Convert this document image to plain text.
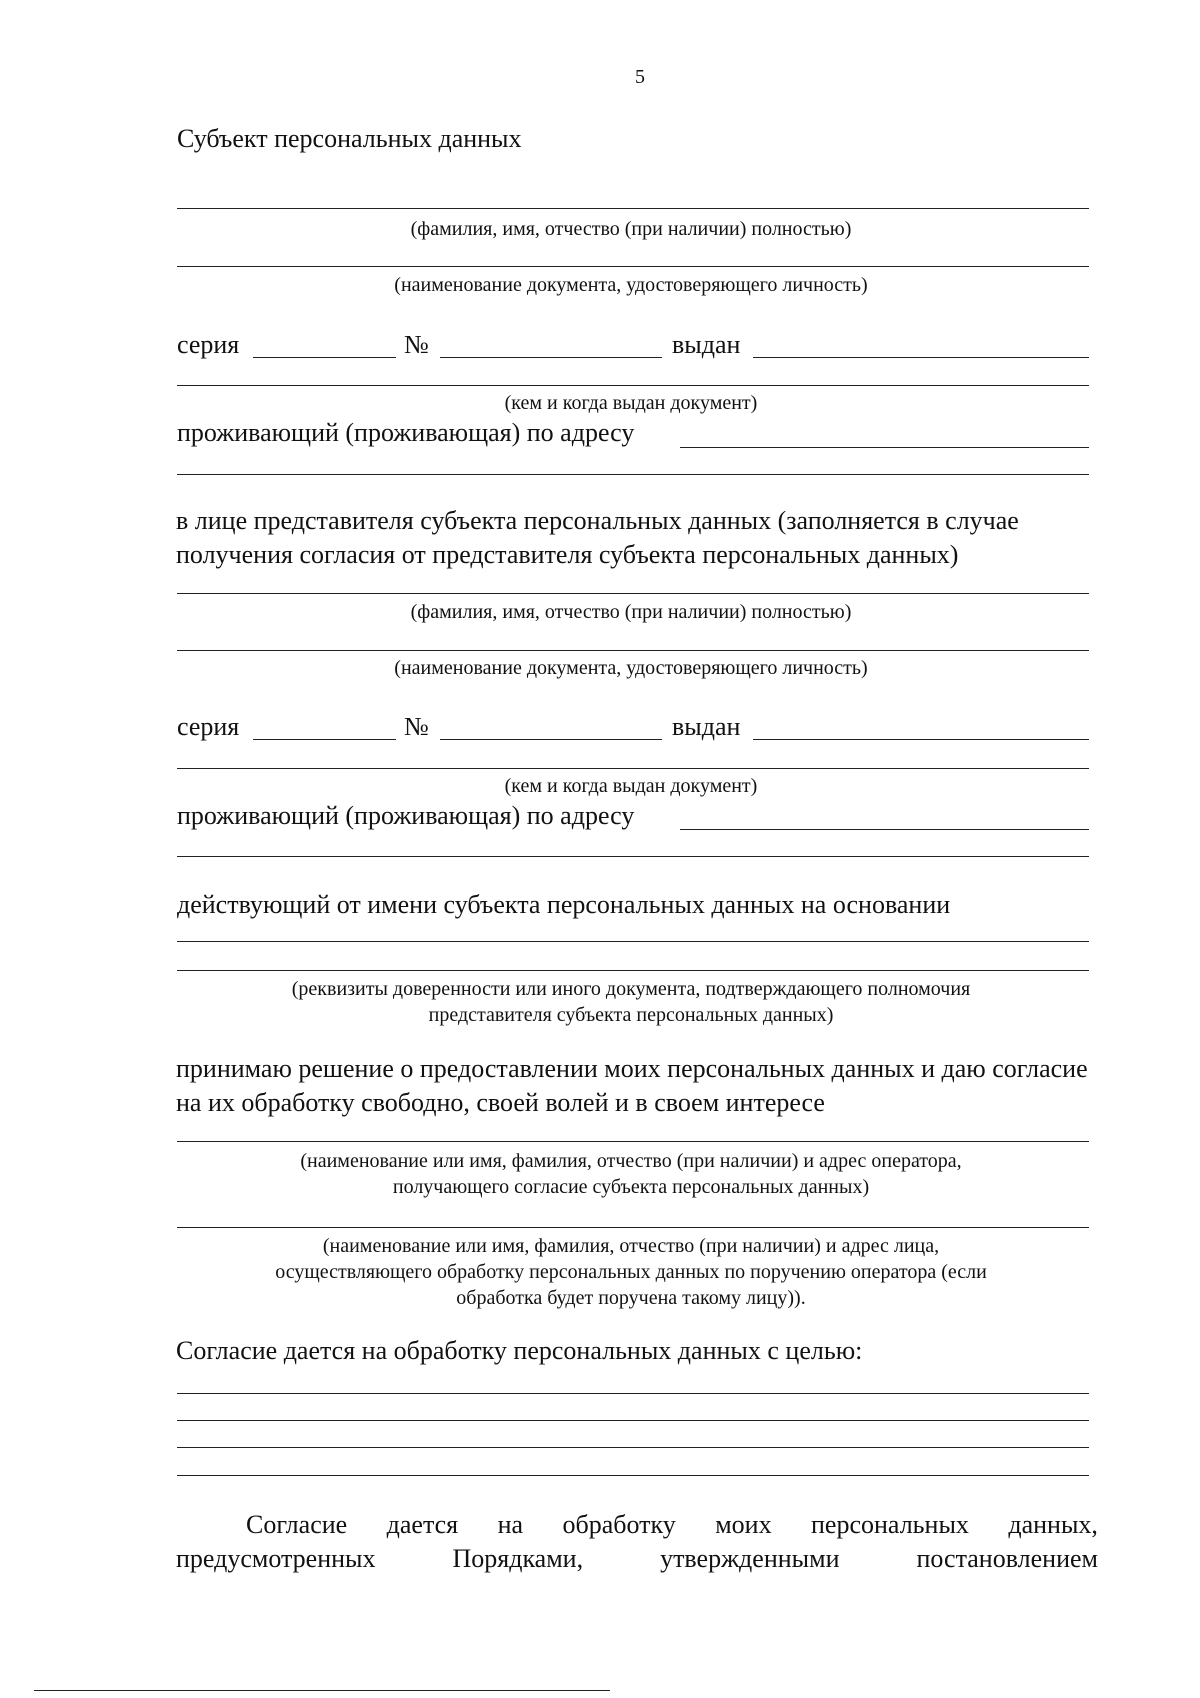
5
Субъект персональных данных
(фамилия, имя, отчество (при наличии) полностью)
(наименование документа, удостоверяющего личность)
серия	№	выдан
(кем и когда выдан документ)
проживающий (проживающая) по адресу
в лице представителя субъекта персональных данных (заполняется в случае получения согласия от представителя субъекта персональных данных)
(фамилия, имя, отчество (при наличии) полностью)
(наименование документа, удостоверяющего личность)
серия	№	выдан
(кем и когда выдан документ)
проживающий (проживающая) по адресу
действующий от имени субъекта персональных данных на основании
(реквизиты доверенности или иного документа, подтверждающего полномочия
представителя субъекта персональных данных)
принимаю решение о предоставлении моих персональных данных и даю согласие на их обработку свободно, своей волей и в своем интересе
(наименование или имя, фамилия, отчество (при наличии) и адрес оператора,
получающего согласие субъекта персональных данных)
(наименование или имя, фамилия, отчество (при наличии) и адрес лица,
осуществляющего обработку персональных данных по поручению оператора (если
обработка будет поручена такому лицу)).
Согласие дается на обработку персональных данных с целью:
Согласие дается на обработку моих персональных данных,
предусмотренных	Порядками,	утвержденными	постановлением
